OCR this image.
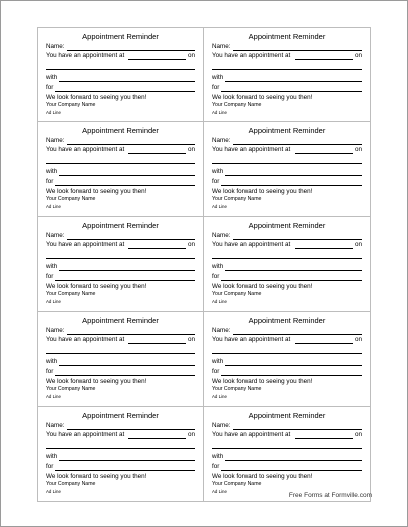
Appointment Reminder
Name:
You have an appointment at	on
with
for
We look forward to seeing you then!
Your Company Name
Ad Line
Appointment Reminder
Name:
You have an appointment at	on
with
for
We look forward to seeing you then!
Your Company Name
Ad Line
Appointment Reminder
Name:
You have an appointment at	on
with
for
We look forward to seeing you then!
Your Company Name
Ad Line
Appointment Reminder
Name:
You have an appointment at	on
with
for
We look forward to seeing you then!
Your Company Name
Ad Line
Appointment Reminder
Name:
You have an appointment at	on
with
for
We look forward to seeing you then!
Your Company Name
Ad Line
Appointment Reminder
Name:
You have an appointment at	on
with
for
We look forward to seeing you then!
Your Company Name
Ad Line
Appointment Reminder
Name:
You have an appointment at	on
with
for
We look forward to seeing you then!
Your Company Name
Ad Line
Appointment Reminder
Name:
You have an appointment at	on
with
for
We look forward to seeing you then!
Your Company Name
Ad Line
Appointment Reminder
Name:
You have an appointment at	on
with
for
We look forward to seeing you then!
Your Company Name
Ad Line
Appointment Reminder
Name:
You have an appointment at	on
with
for
We look forward to seeing you then!
Your Company Name
Ad Line
Free Forms at Formville.com
